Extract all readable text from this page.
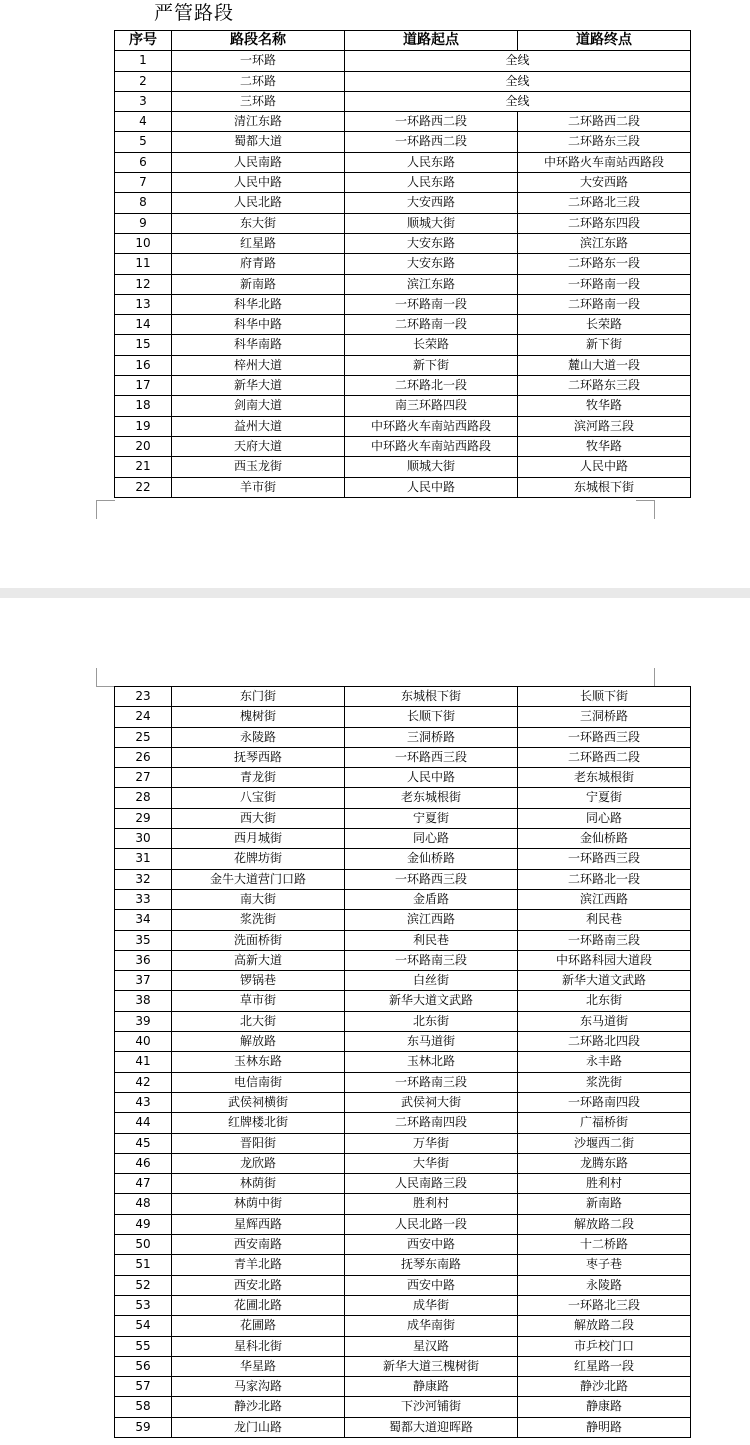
严管路段
序号	路段名称	道路起点	道路终点
1	一环路	全线	
2	二环路	全线	
3	三环路	全线	
4	清江东路	一环路西二段	二环路西二段
5	蜀都大道	一环路西二段	二环路东三段
6	人民南路	人民东路	中环路火车南站西路段
7	人民中路	人民东路	大安西路
8	人民北路	大安西路	二环路北三段
9	东大街	顺城大街	二环路东四段
10	红星路	大安东路	滨江东路
11	府青路	大安东路	二环路东一段
12	新南路	滨江东路	一环路南一段
13	科华北路	一环路南一段	二环路南一段
14	科华中路	二环路南一段	长荣路
15	科华南路	长荣路	新下街
16	梓州大道	新下街	麓山大道一段
17	新华大道	二环路北一段	二环路东三段
18	剑南大道	南三环路四段	牧华路
19	益州大道	中环路火车南站西路段	滨河路三段
20	天府大道	中环路火车南站西路段	牧华路
21	西玉龙街	顺城大街	人民中路
22	羊市街	人民中路	东城根下街
23	东门街	东城根下街	长顺下街
24	槐树街	长顺下街	三洞桥路
25	永陵路	三洞桥路	一环路西三段
26	抚琴西路	一环路西三段	二环路西二段
27	青龙街	人民中路	老东城根街
28	八宝街	老东城根街	宁夏街
29	西大街	宁夏街	同心路
30	西月城街	同心路	金仙桥路
31	花牌坊街	金仙桥路	一环路西三段
32	金牛大道营门口路	一环路西三段	二环路北一段
33	南大街	金盾路	滨江西路
34	浆洗街	滨江西路	利民巷
35	洗面桥街	利民巷	一环路南三段
36	高新大道	一环路南三段	中环路科园大道段
37	锣锅巷	白丝街	新华大道文武路
38	草市街	新华大道文武路	北东街
39	北大街	北东街	东马道街
40	解放路	东马道街	二环路北四段
41	玉林东路	玉林北路	永丰路
42	电信南街	一环路南三段	浆洗街
43	武侯祠横街	武侯祠大街	一环路南四段
44	红牌楼北街	二环路南四段	广福桥街
45	晋阳街	万华街	沙堰西二街
46	龙欣路	大华街	龙腾东路
47	林荫街	人民南路三段	胜利村
48	林荫中街	胜利村	新南路
49	星辉西路	人民北路一段	解放路二段
50	西安南路	西安中路	十二桥路
51	青羊北路	抚琴东南路	枣子巷
52	西安北路	西安中路	永陵路
53	花圃北路	成华街	一环路北三段
54	花圃路	成华南街	解放路二段
55	星科北街	星汉路	市乒校门口
56	华星路	新华大道三槐树街	红星路一段
57	马家沟路	静康路	静沙北路
58	静沙北路	下沙河铺街	静康路
59	龙门山路	蜀都大道迎晖路	静明路
